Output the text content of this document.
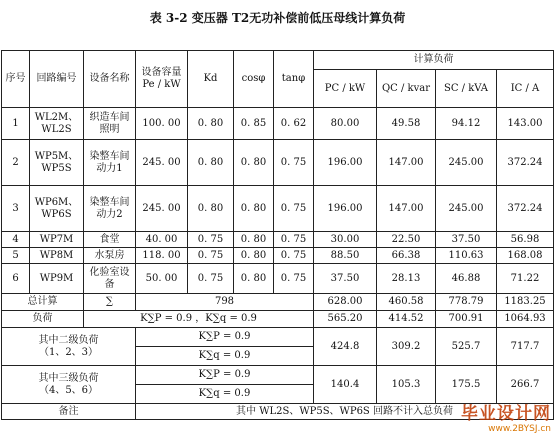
表 3-2 变压器 T2无功补偿前低压母线计算负荷
序号	回路编号	设备名称	设备容量Pe / kW	Kd	cosφ	tanφ	计算负荷			
							PC / kW	QC / kvar	SC / kVA	IC / A
1	WL2M、WL2S	织造车间照明	100. 00	0. 80	0. 85	0. 62	80.00	49.58	94.12	143.00
2	WP5M、WP5S	染整车间动力1	245. 00	0. 80	0. 80	0. 75	196.00	147.00	245.00	372.24
3	WP6M、WP6S	染整车间动力2	245. 00	0. 80	0. 80	0. 75	196.00	147.00	245.00	372.24
4	WP7M	食堂	40. 00	0. 75	0. 80	0. 75	30.00	22.50	37.50	56.98
5	WP8M	水泵房	118. 00	0. 75	0. 80	0. 75	88.50	66.38	110.63	168.08
6	WP9M	化验室设备	50. 00	0. 75	0. 80	0. 75	37.50	28.13	46.88	71.22
总计算		∑	798				628.00	460.58	778.79	1183.25
负荷		K∑P = 0.9 ，K∑q = 0.9					565.20	414.52	700.91	1064.93

其中二级负荷
（1、2、3）			K∑P = 0.9				424.8	309.2	525.7	717.7
			K∑q = 0.9							

其中三级负荷
（4、5、6）			K∑P = 0.9				140.4	105.3	175.5	266.7
			K∑q = 0.9							
备注			其中 WL2S、WP5S、WP6S 回路不计入总负荷							毕业设计网
www.2BYSJ.cn
